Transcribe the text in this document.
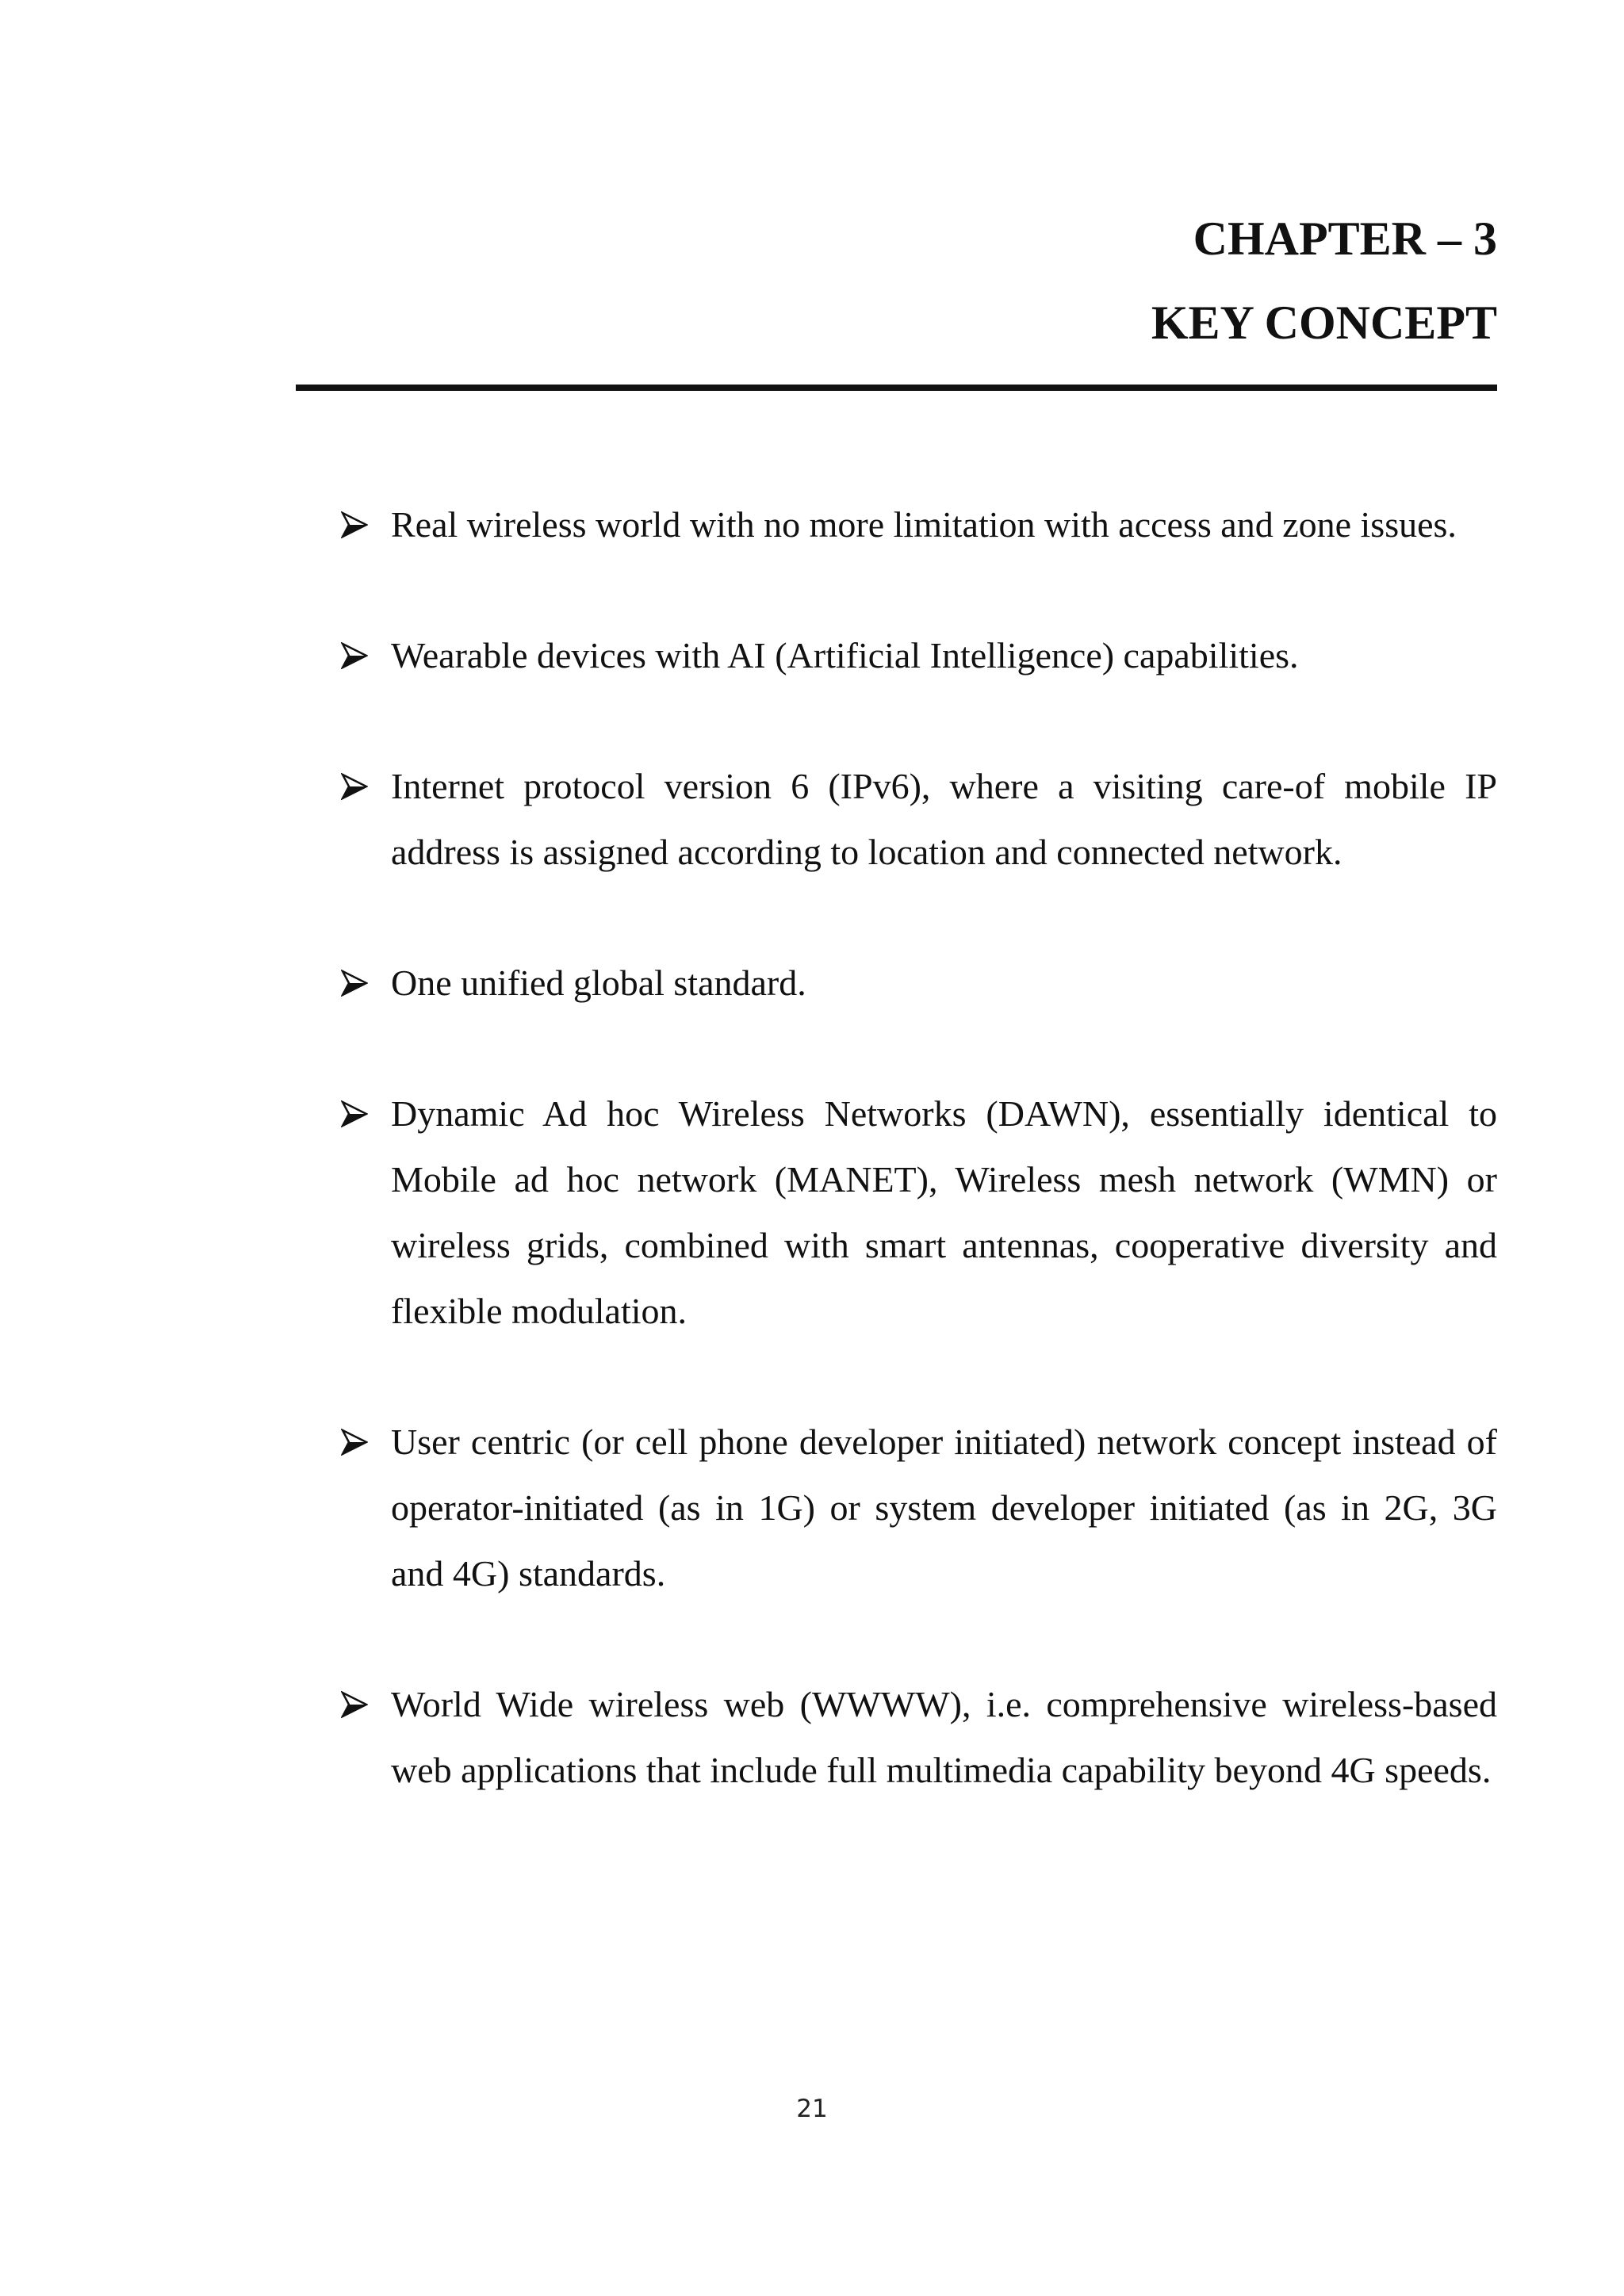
CHAPTER – 3
KEY CONCEPT
Real wireless world with no more limitation with access and zone issues.
Wearable devices with AI (Artificial Intelligence) capabilities.
Internet protocol version 6 (IPv6), where a visiting care-of mobile IP address is assigned according to location and connected network.
One unified global standard.
Dynamic Ad hoc Wireless Networks (DAWN), essentially identical to Mobile ad hoc network (MANET), Wireless mesh network (WMN) or wireless grids, combined with smart antennas, cooperative diversity and flexible modulation.
User centric (or cell phone developer initiated) network concept instead of operator-initiated (as in 1G) or system developer initiated (as in 2G, 3G and 4G) standards.
World Wide wireless web (WWWW), i.e. comprehensive wireless-based web applications that include full multimedia capability beyond 4G speeds.
21
